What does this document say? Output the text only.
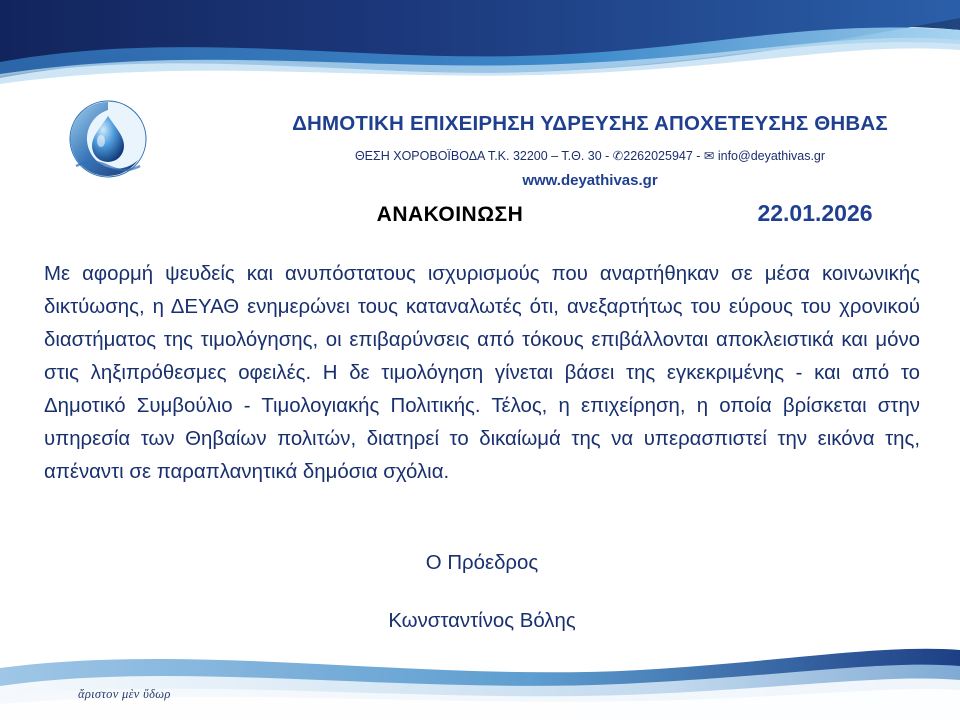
ΔΗΜΟΤΙΚΗ ΕΠΙΧΕΙΡΗΣΗ ΥΔΡΕΥΣΗΣ ΑΠΟΧΕΤΕΥΣΗΣ ΘΗΒΑΣ
ΘΕΣΗ ΧΟΡΟΒΟΪΒΟΔΑ Τ.Κ. 32200 – Τ.Θ. 30 - ✆2262025947 - ✉ info@deyathivas.gr
www.deyathivas.gr
ΑΝΑΚΟΙΝΩΣΗ	22.01.2026
Με αφορμή ψευδείς και ανυπόστατους ισχυρισμούς που αναρτήθηκαν σε μέσα κοινωνικής δικτύωσης, η ΔΕΥΑΘ ενημερώνει τους καταναλωτές ότι, ανεξαρτήτως του εύρους του χρονικού διαστήματος της τιμολόγησης, οι επιβαρύνσεις από τόκους επιβάλλονται αποκλειστικά και μόνο στις ληξιπρόθεσμες οφειλές. Η δε τιμολόγηση γίνεται βάσει της εγκεκριμένης - και από το Δημοτικό Συμβούλιο - Τιμολογιακής Πολιτικής. Τέλος, η επιχείρηση, η οποία βρίσκεται στην υπηρεσία των Θηβαίων πολιτών, διατηρεί το δικαίωμά της να υπερασπιστεί την εικόνα της, απέναντι σε παραπλανητικά δημόσια σχόλια.
Ο Πρόεδρος
Κωνσταντίνος Βόλης
ἄριστον μὲν ὕδωρ
